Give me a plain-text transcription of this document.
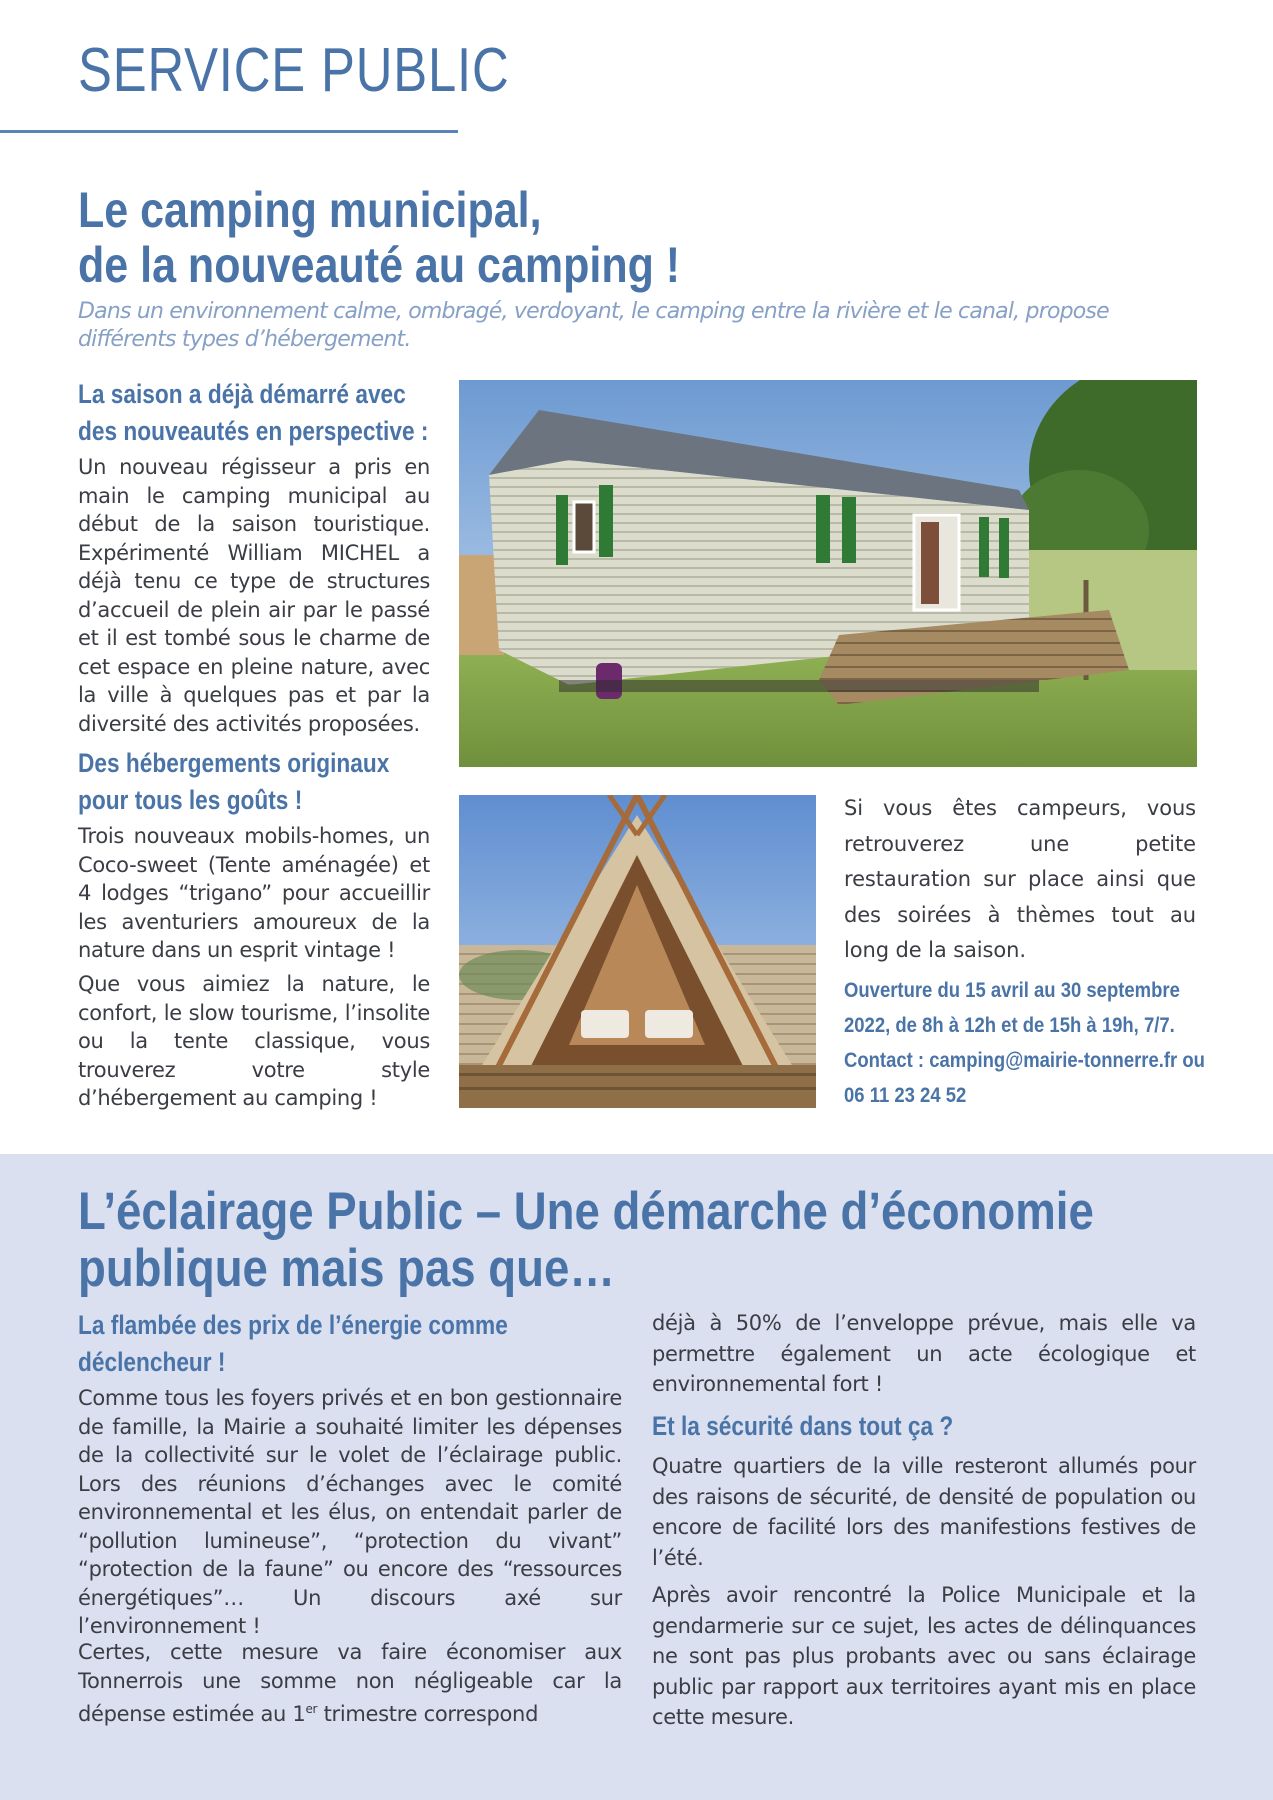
SERVICE PUBLIC
Le camping municipal,
de la nouveauté au camping !

Dans un environnement calme, ombragé, verdoyant, le camping entre la rivière et le canal, propose différents types d’hébergement.

La saison a déjà démarré avec
des nouveautés en perspective :

Un nouveau régisseur a pris en main le camping municipal au début de la saison touristique. Expérimenté William MICHEL a déjà tenu ce type de structures d’accueil de plein air par le passé et il est tombé sous le charme de cet espace en pleine nature, avec la ville à quelques pas et par la diversité des activités proposées.

Des hébergements originaux
pour tous les goûts !

Trois nouveaux mobils-homes, un Coco-sweet (Tente aménagée) et 4 lodges “trigano” pour accueillir les aventuriers amoureux de la nature dans un esprit vintage !

Que vous aimiez la nature, le confort, le slow tourisme, l’insolite ou la tente classique, vous trouverez votre style d’hébergement au camping !

Si vous êtes campeurs, vous retrouverez une petite restauration sur place ainsi que des soirées à thèmes tout au long de la saison.

Ouverture du 15 avril au 30 septembre

2022, de 8h à 12h et de 15h à 19h, 7/7.

Contact : camping@mairie-tonnerre.fr ou

06 11 23 24 52

L’éclairage Public – Une démarche d’économie
publique mais pas que…
La flambée des prix de l’énergie comme
déclencheur !

Comme tous les foyers privés et en bon gestionnaire de famille, la Mairie a souhaité limiter les dépenses de la collectivité sur le volet de l’éclairage public. Lors des réunions d’échanges avec le comité environnemental et les élus, on entendait parler de “pollution lumineuse”, “protection du vivant” “protection de la faune” ou encore des “ressources énergétiques”… Un discours axé sur l’environnement !

Certes, cette mesure va faire économiser aux Tonnerrois une somme non négligeable car la dépense estimée au 1er trimestre correspond

déjà à 50% de l’enveloppe prévue, mais elle va permettre également un acte écologique et environnemental fort !

Et la sécurité dans tout ça ?

Quatre quartiers de la ville resteront allumés pour des raisons de sécurité, de densité de population ou encore de facilité lors des manifestions festives de l’été.

Après avoir rencontré la Police Municipale et la gendarmerie sur ce sujet, les actes de délinquances ne sont pas plus probants avec ou sans éclairage public par rapport aux territoires ayant mis en place cette mesure.
